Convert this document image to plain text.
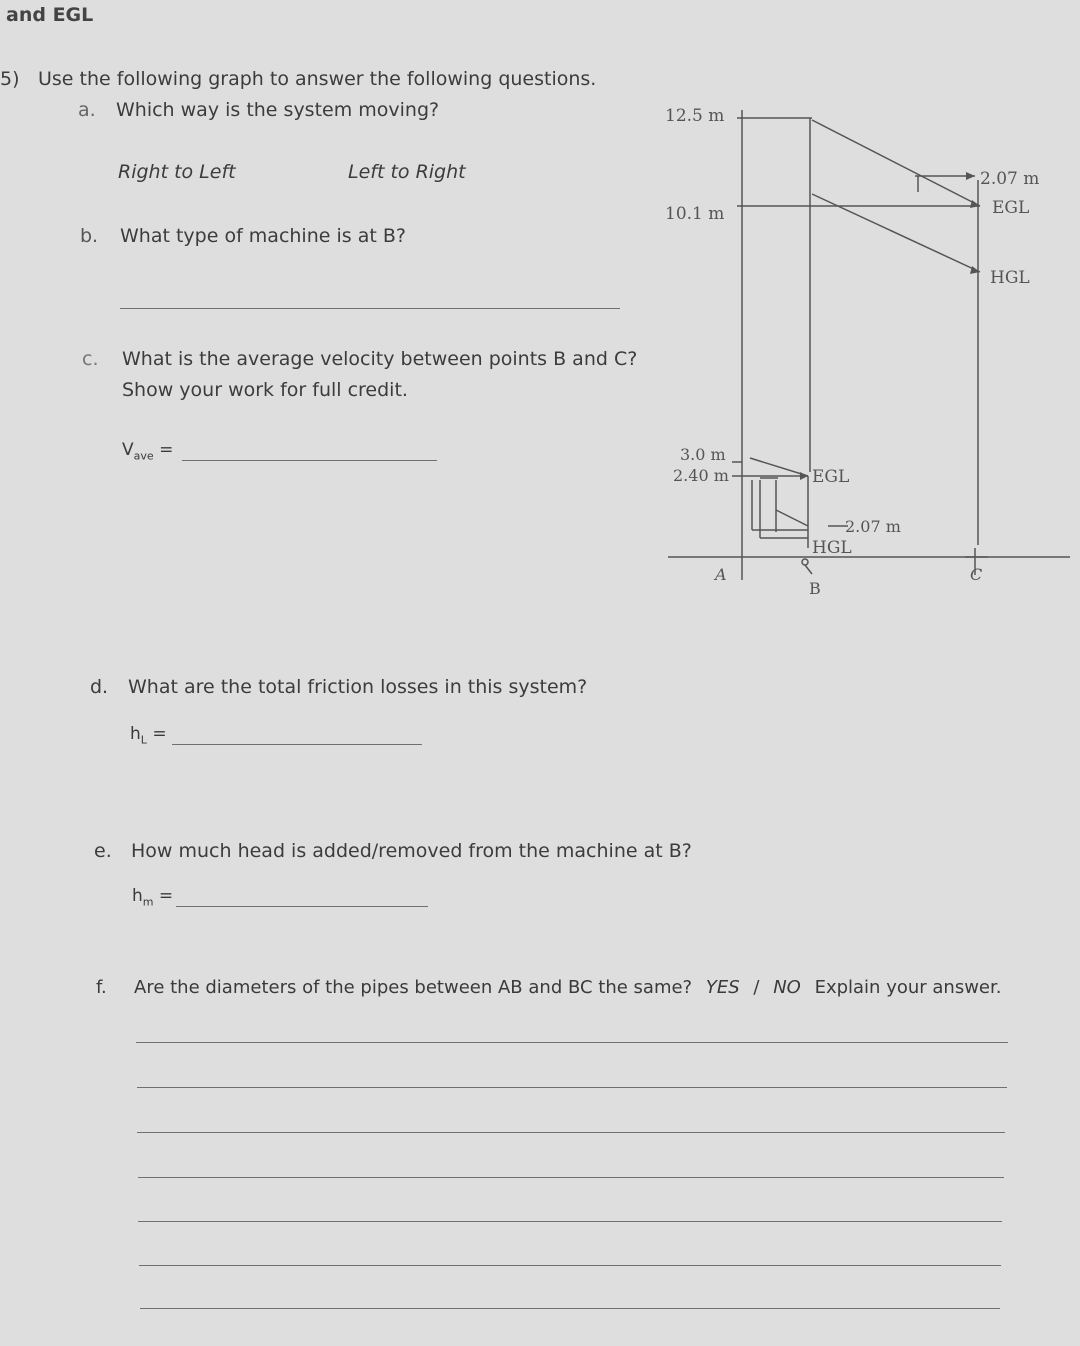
and EGL
5) Use the following graph to answer the following questions.
a. Which way is the system moving?
Right to Left	Left to Right
b. What type of machine is at B?
c. What is the average velocity between points B and C?
Show your work for full credit.
$V_{ave}$ =
d. What are the total friction losses in this system?
$h_L$ =
e. How much head is added/removed from the machine at B?
$h_m$ =
f. Are the diameters of the pipes between AB and BC the same? YES / NO Explain your answer.
12.5 m
10.1 m
2.07 m
EGL
HGL
3.0 m
2.40 m	EGL
2.07 m
HGL
A
B
C
